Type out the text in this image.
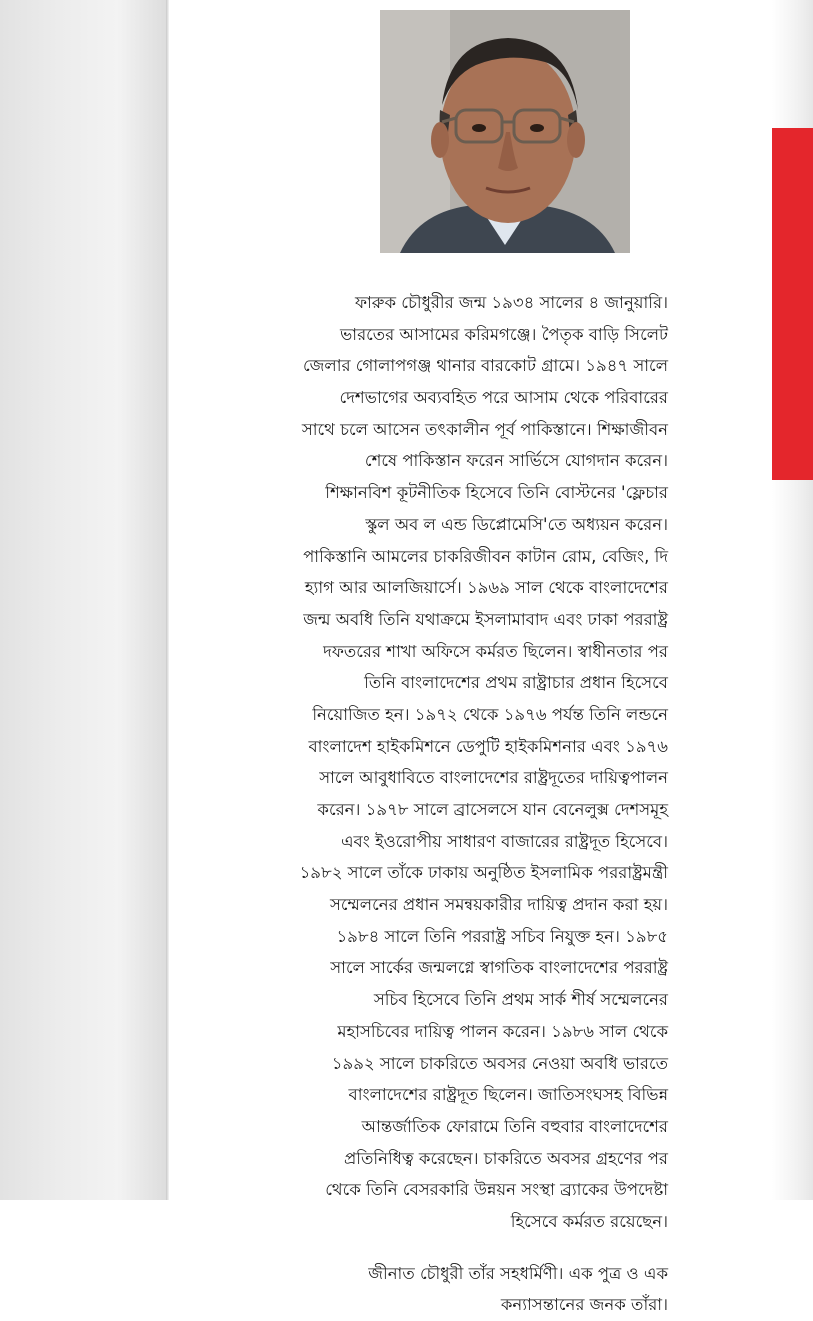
ফারুক চৌধুরীর জন্ম ১৯৩৪ সালের ৪ জানুয়ারি।
ভারতের আসামের করিমগঞ্জে। পৈতৃক বাড়ি সিলেট
জেলার গোলাপগঞ্জ থানার বারকোট গ্রামে। ১৯৪৭ সালে
দেশভাগের অব্যবহিত পরে আসাম থেকে পরিবারের
সাথে চলে আসেন তৎকালীন পূর্ব পাকিস্তানে। শিক্ষাজীবন
শেষে পাকিস্তান ফরেন সার্ভিসে যোগদান করেন।
শিক্ষানবিশ কূটনীতিক হিসেবে তিনি বোস্টনের 'ফ্লেচার
স্কুল অব ল এন্ড ডিপ্লোমেসি'তে অধ্যয়ন করেন।
পাকিস্তানি আমলের চাকরিজীবন কাটান রোম, বেজিং, দি
হ্যাগ আর আলজিয়ার্সে। ১৯৬৯ সাল থেকে বাংলাদেশের
জন্ম অবধি তিনি যথাক্রমে ইসলামাবাদ এবং ঢাকা পররাষ্ট্র
দফতরের শাখা অফিসে কর্মরত ছিলেন। স্বাধীনতার পর
তিনি বাংলাদেশের প্রথম রাষ্ট্রাচার প্রধান হিসেবে
নিয়োজিত হন। ১৯৭২ থেকে ১৯৭৬ পর্যন্ত তিনি লন্ডনে
বাংলাদেশ হাইকমিশনে ডেপুটি হাইকমিশনার এবং ১৯৭৬
সালে আবুধাবিতে বাংলাদেশের রাষ্ট্রদূতের দায়িত্বপালন
করেন। ১৯৭৮ সালে ব্রাসেলসে যান বেনেলুক্স দেশসমূহ
এবং ইওরোপীয় সাধারণ বাজারের রাষ্ট্রদূত হিসেবে।
১৯৮২ সালে তাঁকে ঢাকায় অনুষ্ঠিত ইসলামিক পররাষ্ট্রমন্ত্রী
সম্মেলনের প্রধান সমন্বয়কারীর দায়িত্ব প্রদান করা হয়।
১৯৮৪ সালে তিনি পররাষ্ট্র সচিব নিযুক্ত হন। ১৯৮৫
সালে সার্কের জন্মলগ্নে স্বাগতিক বাংলাদেশের পররাষ্ট্র
সচিব হিসেবে তিনি প্রথম সার্ক শীর্ষ সম্মেলনের
মহাসচিবের দায়িত্ব পালন করেন। ১৯৮৬ সাল থেকে
১৯৯২ সালে চাকরিতে অবসর নেওয়া অবধি ভারতে
বাংলাদেশের রাষ্ট্রদূত ছিলেন। জাতিসংঘসহ বিভিন্ন
আন্তর্জাতিক ফোরামে তিনি বহুবার বাংলাদেশের
প্রতিনিধিত্ব করেছেন। চাকরিতে অবসর গ্রহণের পর
থেকে তিনি বেসরকারি উন্নয়ন সংস্থা ব্র্যাকের উপদেষ্টা
হিসেবে কর্মরত রয়েছেন।
জীনাত চৌধুরী তাঁর সহধর্মিণী। এক পুত্র ও এক
কন্যাসন্তানের জনক তাঁরা।
